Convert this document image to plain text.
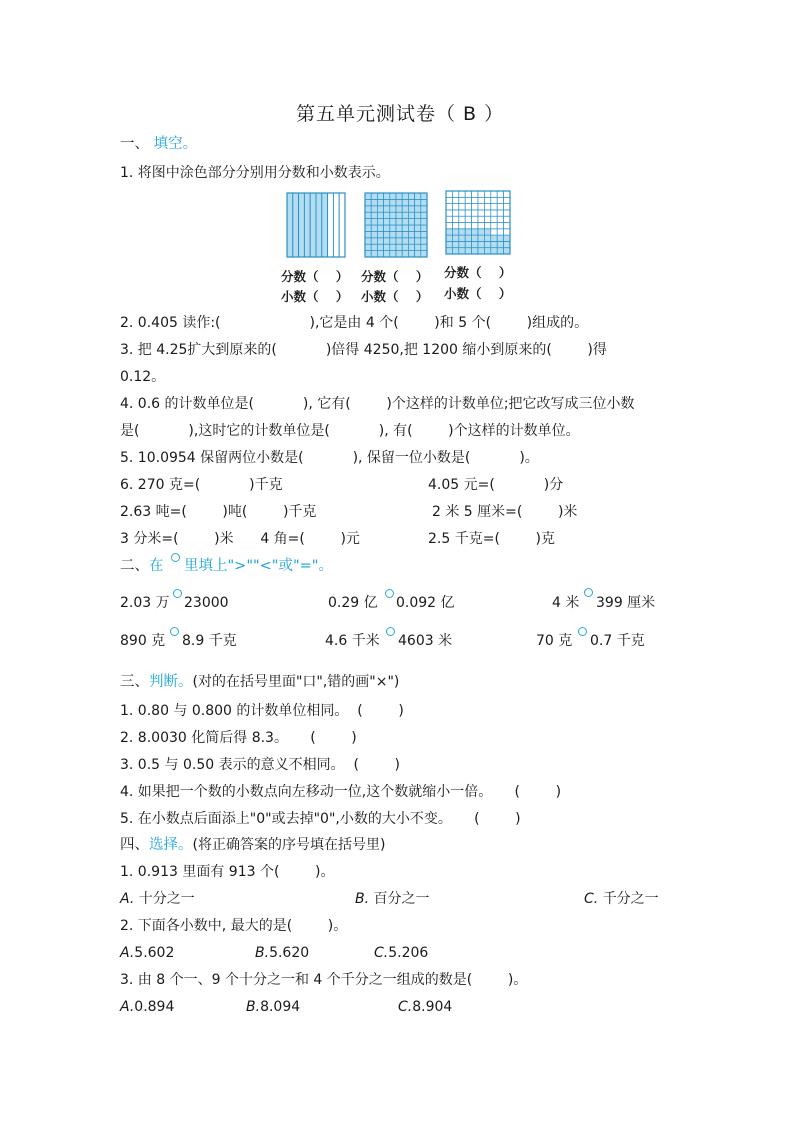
第五单元测试卷（ B ）
一、 填空。
1. 将图中涂色部分分别用分数和小数表示。
分数（    ）
小数（    ）
分数（    ）
小数（    ）
分数（    ）
小数（    ）
2. 0.405 读作:(                    ),它是由 4 个(        )和 5 个(        )组成的。
3. 把 4.25扩大到原来的(           )倍得 4250,把 1200 缩小到原来的(        )得
0.12。
4. 0.6 的计数单位是(           ), 它有(        )个这样的计数单位;把它改写成三位小数
是(           ),这时它的计数单位是(           ), 有(        )个这样的计数单位。
5. 10.0954 保留两位小数是(           ), 保留一位小数是(           )。
6. 270 克=(           )千克	4.05 元=(           )分
2.63 吨=(        )吨(        )千克	2 米 5 厘米=(        )米
3 分米=(        )米      4 角=(        )元	2.5 千克=(        )克
二、在 里填上">""<"或"="。
2.03 万 23000	0.29 亿 0.092 亿	4 米 399 厘米
890 克 8.9 千克	4.6 千米 4603 米	70 克 0.7 千克
三、判断。(对的在括号里面"口",错的画"×")
1. 0.80 与 0.800 的计数单位相同。  (        )
2. 8.0030 化简后得 8.3。     (        )
3. 0.5 与 0.50 表示的意义不相同。  (        )
4. 如果把一个数的小数点向左移动一位,这个数就缩小一倍。     (        )
5. 在小数点后面添上"0"或去掉"0",小数的大小不变。     (        )
四、选择。(将正确答案的序号填在括号里)
1. 0.913 里面有 913 个(        )。
A. 十分之一	B. 百分之一	C. 千分之一
2. 下面各小数中, 最大的是(        )。
A.5.602	B.5.620	C.5.206
3. 由 8 个一、9 个十分之一和 4 个千分之一组成的数是(        )。
A.0.894	B.8.094	C.8.904
